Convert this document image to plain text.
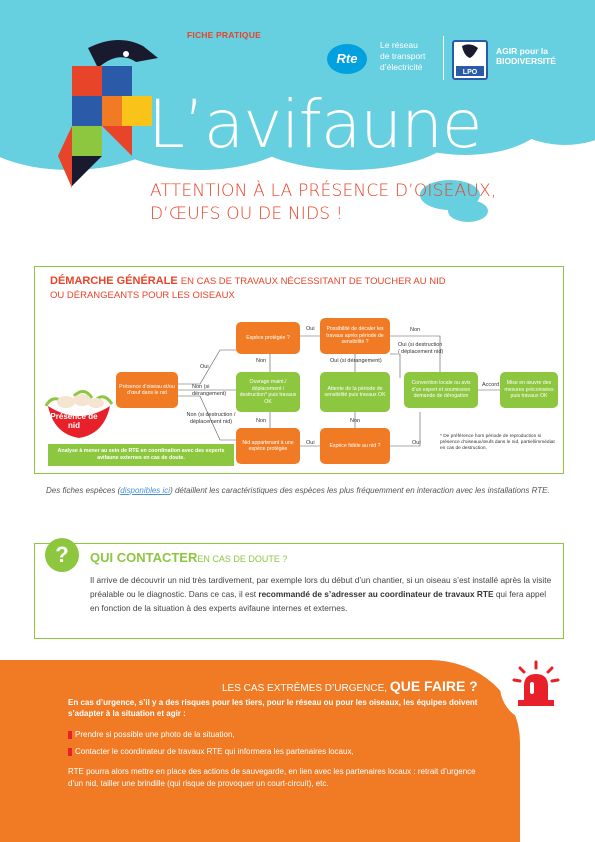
FICHE PRATIQUE
L’avifaune
Rte
Le réseau
de transport
d’électricité
LPO
AGIR pour la
BIODIVERSITÉ
ATTENTION À LA PRÉSENCE D’OISEAUX,
D’ŒUFS OU DE NIDS !
DÉMARCHE GÉNÉRALE EN CAS DE TRAVAUX NÉCESSITANT DE TOUCHER AU NID
OU DÉRANGEANTS POUR LES OISEAUX
Présence de nid
Présence d’oiseau et/ou d’œuf dans le nid
Espèce protégée ?
Possibilité de décaler les travaux après période de sensibilité ?
Ouvrage maint./ déplacement / destruction* puis travaux OK
Attente de la période de sensibilité puis travaux OK
Convention locale ou avis d’un expert et soumission demande de dérogation
Mise en œuvre des mesures préconisées puis travaux OK
Nid appartenant à une espèce protégée
Espèce fidèle au nid ?
Oui
Non (si dérangement)
Non (si destruction / déplacement nid)
Oui
Non	Oui (si dérangement)
Non
Oui (si destruction / déplacement nid)
Accord
Non	Non
Oui	Oui
Analyse à mener au sein de RTE en coordination avec des experts avifaune externes en cas de doute.
* De préférence hors période de reproduction si présence d’oiseaux/œufs dans le nid, partiel/immédiat en cas de destruction.
Des fiches espèces (disponibles ici) détaillent les caractéristiques des espèces les plus fréquemment en interaction avec les installations RTE.
?	QUI CONTACTEREN CAS DE DOUTE ?
Il arrive de découvrir un nid très tardivement, par exemple lors du début d’un chantier, si un oiseau s’est installé après la visite préalable ou le diagnostic. Dans ce cas, il est recommandé de s’adresser au coordinateur de travaux RTE qui fera appel en fonction de la situation à des experts avifaune internes et externes.
LES CAS EXTRÊMES D’URGENCE, QUE FAIRE ?
En cas d’urgence, s’il y a des risques pour les tiers, pour le réseau ou pour les oiseaux, les équipes doivent s’adapter à la situation et agir :
Prendre si possible une photo de la situation,
Contacter le coordinateur de travaux RTE qui informera les partenaires locaux,
RTE pourra alors mettre en place des actions de sauvegarde, en lien avec les partenaires locaux : retrait d’urgence d’un nid, tailler une brindille (qui risque de provoquer un court-circuit), etc.
